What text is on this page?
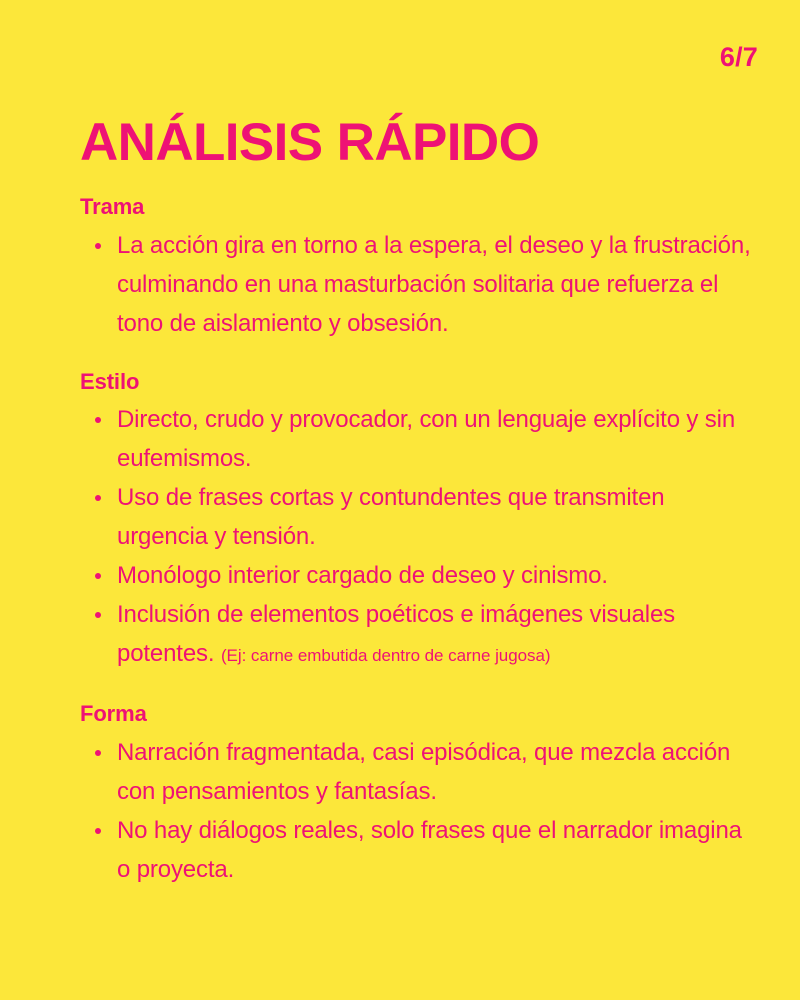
6/7
ANÁLISIS RÁPIDO
Trama
La acción gira en torno a la espera, el deseo y la frustración, culminando en una masturbación solitaria que refuerza el tono de aislamiento y obsesión.
Estilo
Directo, crudo y provocador, con un lenguaje explícito y sin eufemismos.
Uso de frases cortas y contundentes que transmiten urgencia y tensión.
Monólogo interior cargado de deseo y cinismo.
Inclusión de elementos poéticos e imágenes visuales potentes. (Ej: carne embutida dentro de carne jugosa)
Forma
Narración fragmentada, casi episódica, que mezcla acción con pensamientos y fantasías.
No hay diálogos reales, solo frases que el narrador imagina o proyecta.
